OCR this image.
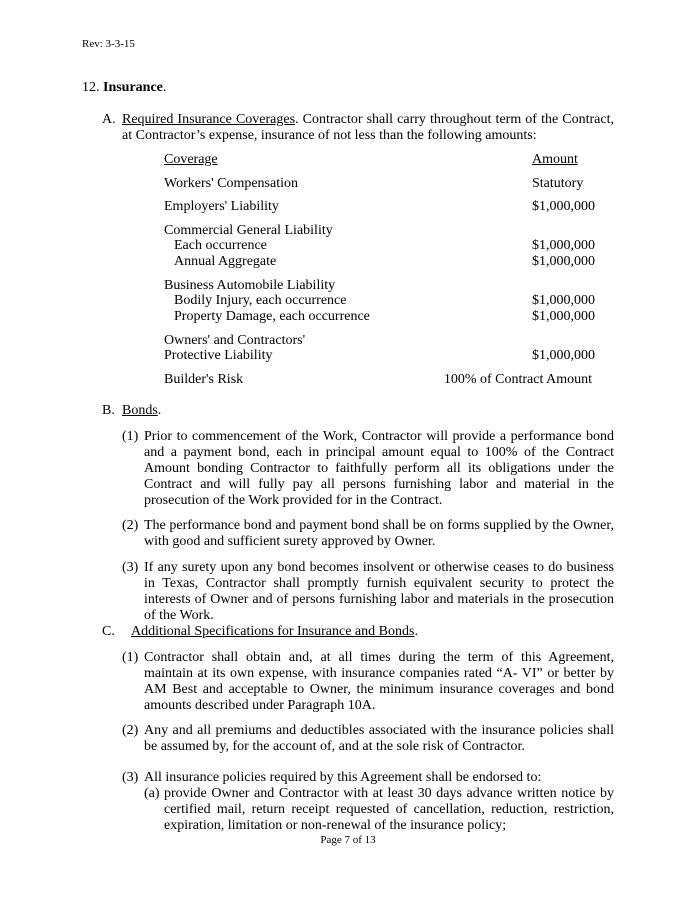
Rev: 3-3-15
12. Insurance.
A. Required Insurance Coverages. Contractor shall carry throughout term of the Contract, at Contractor’s expense, insurance of not less than the following amounts:
Coverage	Amount
Workers' Compensation	Statutory
Employers' Liability	$1,000,000
Commercial General Liability
Each occurrence	$1,000,000
Annual Aggregate	$1,000,000
Business Automobile Liability
Bodily Injury, each occurrence	$1,000,000
Property Damage, each occurrence	$1,000,000
Owners' and Contractors'
Protective Liability	$1,000,000
Builder's Risk	100% of Contract Amount
B. Bonds.
(1) Prior to commencement of the Work, Contractor will provide a performance bond and a payment bond, each in principal amount equal to 100% of the Contract Amount bonding Contractor to faithfully perform all its obligations under the Contract and will fully pay all persons furnishing labor and material in the prosecution of the Work provided for in the Contract.
(2) The performance bond and payment bond shall be on forms supplied by the Owner, with good and sufficient surety approved by Owner.
(3) If any surety upon any bond becomes insolvent or otherwise ceases to do business in Texas, Contractor shall promptly furnish equivalent security to protect the interests of Owner and of persons furnishing labor and materials in the prosecution of the Work.
C.	Additional Specifications for Insurance and Bonds.
(1) Contractor shall obtain and, at all times during the term of this Agreement, maintain at its own expense, with insurance companies rated “A- VI” or better by AM Best and acceptable to Owner, the minimum insurance coverages and bond amounts described under Paragraph 10A.
(2) Any and all premiums and deductibles associated with the insurance policies shall be assumed by, for the account of, and at the sole risk of Contractor.
(3) All insurance policies required by this Agreement shall be endorsed to:
(a) provide Owner and Contractor with at least 30 days advance written notice by certified mail, return receipt requested of cancellation, reduction, restriction, expiration, limitation or non-renewal of the insurance policy;
Page 7 of 13
